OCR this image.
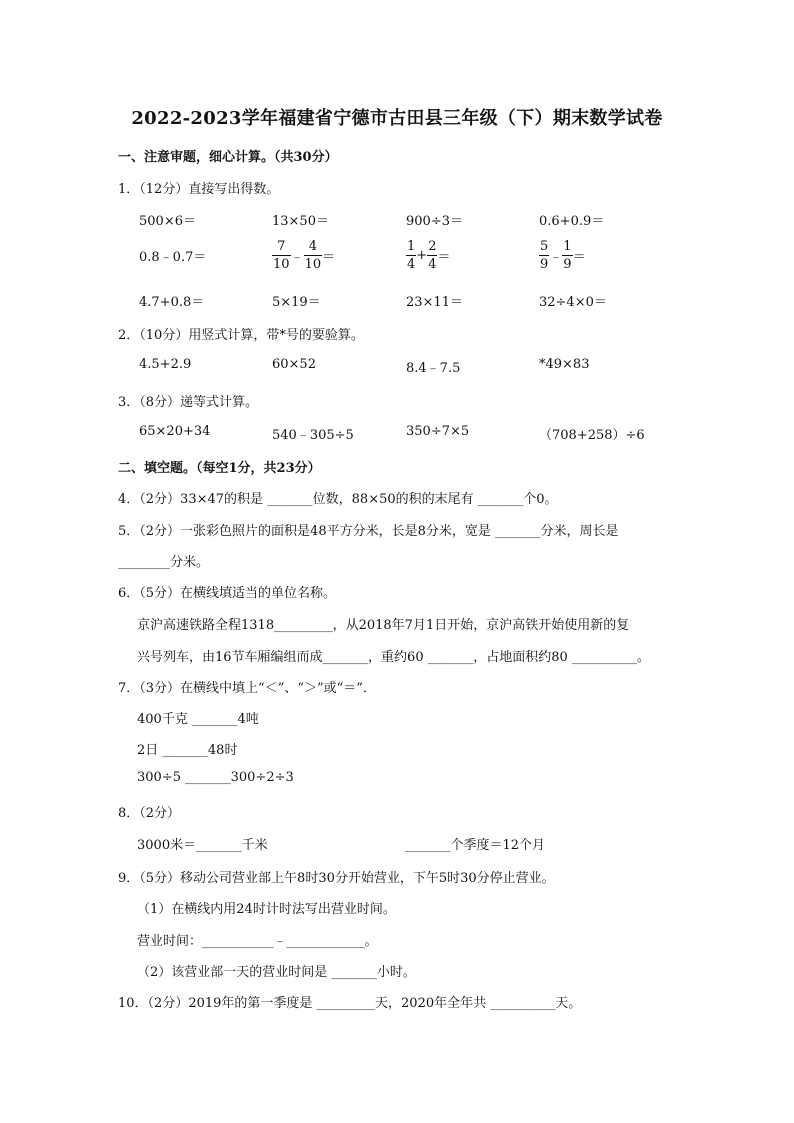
2022-2023学年福建省宁德市古田县三年级（下）期末数学试卷
一、注意审题，细心计算。（共30分）
1．（12分）直接写出得数。
500×6＝	13×50＝	900÷3＝	0.6+0.9＝
0.8﹣0.7＝	$\frac{7}{10}$ ﹣ $\frac{4}{10}$ ＝	$\frac{1}{4} + \frac{2}{4}$ ＝	$\frac{5}{9}$ ﹣ $\frac{1}{9}$ ＝
4.7+0.8＝	5×19＝	23×11＝	32÷4×0＝
2．（10分）用竖式计算，带*号的要验算。
4.5+2.9	60×52	8.4﹣7.5	*49×83
3．（8分）递等式计算。
65×20+34	540﹣305÷5	350÷7×5	（708+258）÷6
二、填空题。（每空1分，共23分）
4．（2分）33×47的积是 _______位数，88×50的积的末尾有 _______个0。
5．（2分）一张彩色照片的面积是48平方分米，长是8分米，宽是 _______分米，周长是
________分米。
6．（5分）在横线填适当的单位名称。
京沪高速铁路全程1318_________，从2018年7月1日开始，京沪高铁开始使用新的复
兴号列车，由16节车厢编组而成_______，重约60 _______，占地面积约80 __________。
7．（3分）在横线中填上“＜”、“＞”或“＝”．
400千克 _______4吨
2日 _______48时
300÷5 _______300÷2÷3
8．（2分）
3000米＝_______千米	_______个季度＝12个月
9．（5分）移动公司营业部上午8时30分开始营业，下午5时30分停止营业。
（1）在横线内用24时计时法写出营业时间。
营业时间：___________﹣____________。
（2）该营业部一天的营业时间是 _______小时。
10．（2分）2019年的第一季度是 _________天，2020年全年共 __________天。
